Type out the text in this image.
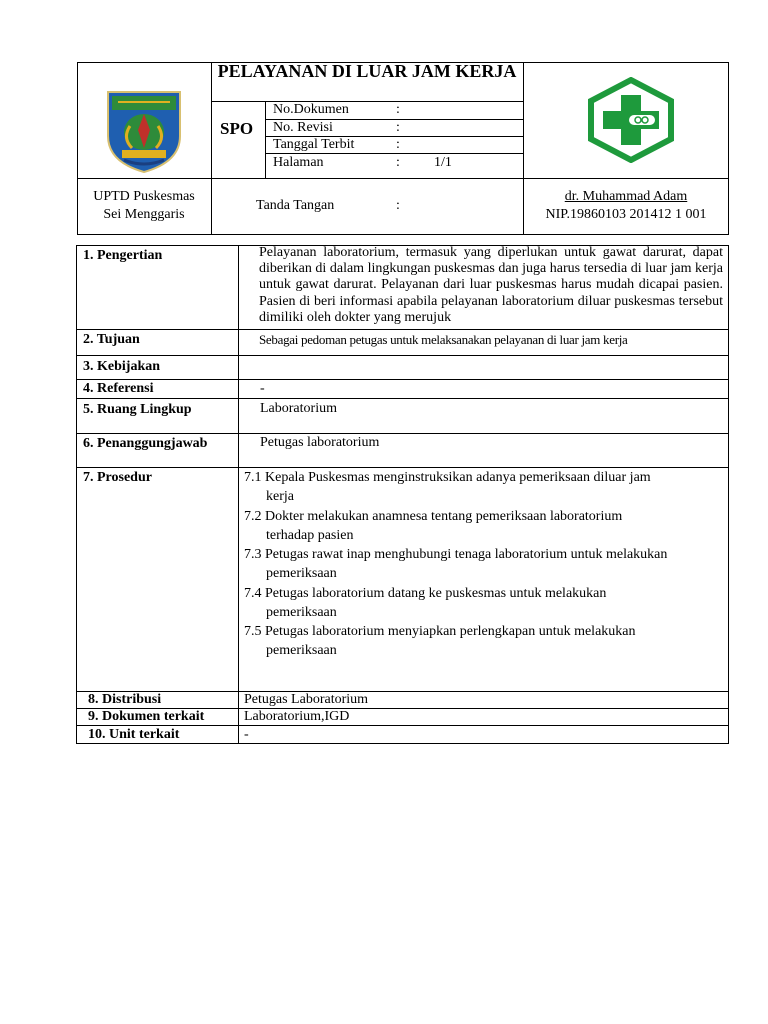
PELAYANAN DI LUAR JAM KERJA
SPO
No.Dokumen	:
No. Revisi	:
Tanggal Terbit	:
Halaman	: 1/1
UPTD Puskesmas
Sei Menggaris
Tanda Tangan	:
dr. Muhammad Adam
NIP.19860103 201412 1 001
1. Pengertian	Pelayanan laboratorium, termasuk yang diperlukan untuk gawat darurat, dapat diberikan di dalam lingkungan puskesmas dan juga harus tersedia di luar jam kerja untuk gawat darurat. Pelayanan dari luar puskesmas harus mudah dicapai pasien. Pasien di beri informasi apabila pelayanan laboratorium diluar puskesmas tersebut dimiliki oleh dokter yang merujuk
2. Tujuan	Sebagai pedoman petugas untuk melaksanakan pelayanan di luar jam kerja
3. Kebijakan
4. Referensi	-
5. Ruang Lingkup	Laboratorium
6. Penanggungjawab	Petugas laboratorium
7. Prosedur	7.1 Kepala Puskesmas menginstruksikan adanya pemeriksaan diluar jam
kerja
7.2 Dokter melakukan anamnesa tentang pemeriksaan laboratorium
terhadap pasien
7.3 Petugas rawat inap menghubungi tenaga laboratorium untuk melakukan
pemeriksaan
7.4 Petugas laboratorium datang ke puskesmas untuk melakukan
pemeriksaan
7.5 Petugas laboratorium menyiapkan perlengkapan untuk melakukan
pemeriksaan
8. Distribusi	Petugas Laboratorium
9. Dokumen terkait	Laboratorium,IGD
10. Unit terkait	-
